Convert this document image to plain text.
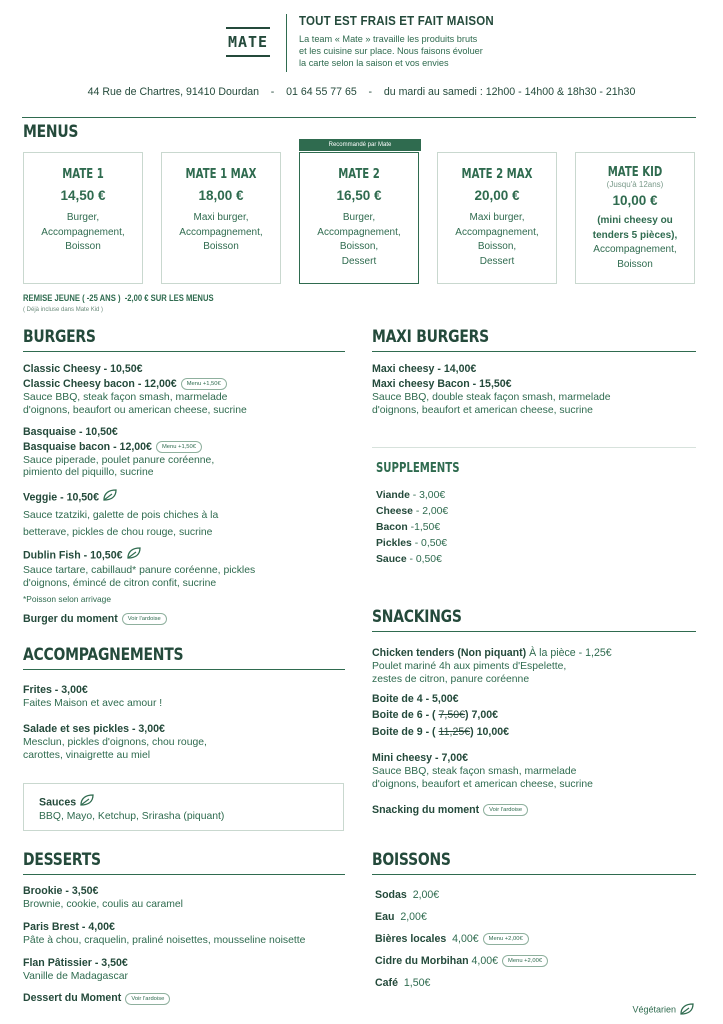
MATE
TOUT EST FRAIS ET FAIT MAISON
La team « Mate » travaille les produits bruts
et les cuisine sur place. Nous faisons évoluer
la carte selon la saison et vos envies
44 Rue de Chartres, 91410 Dourdan    -    01 64 55 77 65    -    du mardi au samedi : 12h00 - 14h00 & 18h30 - 21h30
MENUS
MATE 1
14,50 €
Burger,
Accompagnement,
Boisson
MATE 1 MAX
18,00 €
Maxi burger,
Accompagnement,
Boisson
Recommandé par Mate
MATE 2
16,50 €
Burger,
Accompagnement,
Boisson,
Dessert
MATE 2 MAX
20,00 €
Maxi burger,
Accompagnement,
Boisson,
Dessert
MATE KID
(Jusqu'à 12ans)
10,00 €
(mini cheesy ou
tenders 5 pièces),
Accompagnement,
Boisson
REMISE JEUNE ( -25 ANS )  -2,00 € SUR LES MENUS
( Déjà incluse dans Mate Kid )
BURGERS
Classic Cheesy - 10,50€
Classic Cheesy bacon - 12,00€ Menu +1,50€
Sauce BBQ, steak façon smash, marmelade
d'oignons, beaufort ou american cheese, sucrine
Basquaise - 10,50€
Basquaise bacon - 12,00€ Menu +1,50€
Sauce piperade, poulet panure coréenne,
pimiento del piquillo, sucrine
Veggie - 10,50€
Sauce tzatziki, galette de pois chiches à la
betterave, pickles de chou rouge, sucrine
Dublin Fish - 10,50€
Sauce tartare, cabillaud* panure coréenne, pickles
d'oignons, émincé de citron confit, sucrine
*Poisson selon arrivage
Burger du moment Voir l'ardoise
ACCOMPAGNEMENTS
Frites - 3,00€
Faites Maison et avec amour !
Salade et ses pickles - 3,00€
Mesclun, pickles d'oignons, chou rouge,
carottes, vinaigrette au miel
Sauces
BBQ, Mayo, Ketchup, Srirasha (piquant)
DESSERTS
Brookie - 3,50€
Brownie, cookie, coulis au caramel
Paris Brest - 4,00€
Pâte à chou, craquelin, praliné noisettes, mousseline noisette
Flan Pâtissier - 3,50€
Vanille de Madagascar
Dessert du Moment Voir l'ardoise
MAXI BURGERS
Maxi cheesy - 14,00€
Maxi cheesy Bacon - 15,50€
Sauce BBQ, double steak façon smash, marmelade
d'oignons, beaufort et american cheese, sucrine
SUPPLEMENTS
Viande - 3,00€
Cheese - 2,00€
Bacon -1,50€
Pickles - 0,50€
Sauce - 0,50€
SNACKINGS
Chicken tenders (Non piquant) À la pièce - 1,25€
Poulet mariné 4h aux piments d'Espelette,
zestes de citron, panure coréenne
Boite de 4 - 5,00€
Boite de 6 - ( 7,50€) 7,00€
Boite de 9 - ( 11,25€) 10,00€
Mini cheesy - 7,00€
Sauce BBQ, steak façon smash, marmelade
d'oignons, beaufort et american cheese, sucrine
Snacking du moment Voir l'ardoise
BOISSONS
Sodas 2,00€
Eau 2,00€
Bières locales 4,00€ Menu +2,00€
Cidre du Morbihan 4,00€ Menu +2,00€
Café 1,50€
Végétarien
